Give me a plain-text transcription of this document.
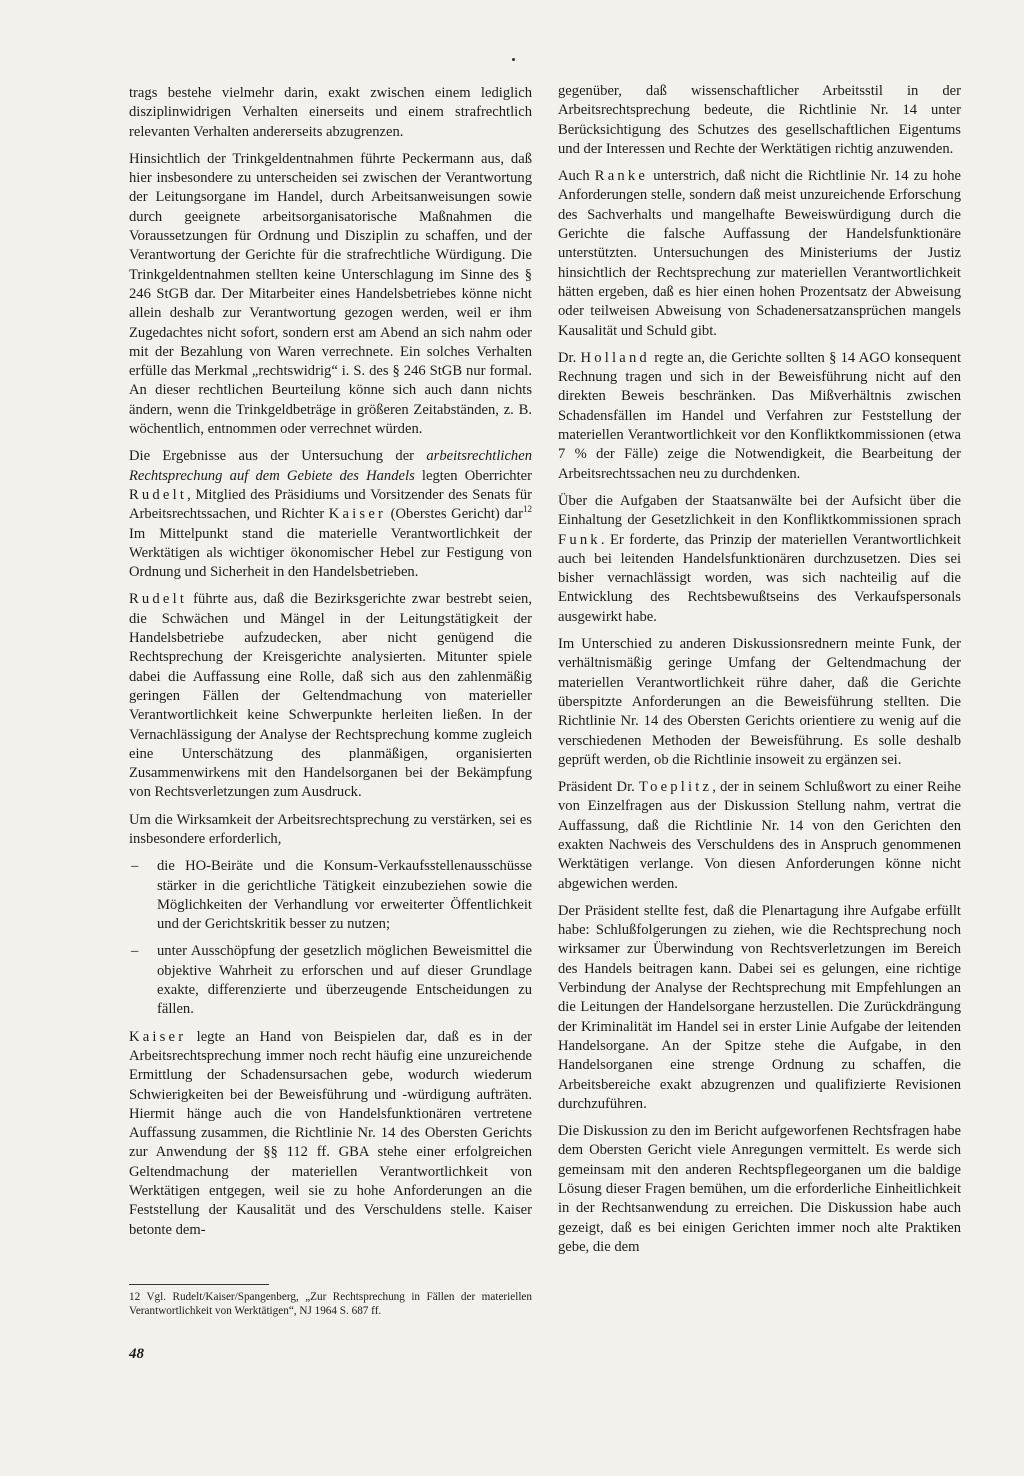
trags bestehe vielmehr darin, exakt zwischen einem lediglich disziplinwidrigen Verhalten einerseits und einem strafrechtlich relevanten Verhalten andererseits abzugrenzen.

Hinsichtlich der Trinkgeldentnahmen führte Peckermann aus, daß hier insbesondere zu unterscheiden sei zwischen der Verantwortung der Leitungsorgane im Handel, durch Arbeitsanweisungen sowie durch geeignete arbeitsorganisatorische Maßnahmen die Voraussetzungen für Ordnung und Disziplin zu schaffen, und der Verantwortung der Gerichte für die strafrechtliche Würdigung. Die Trinkgeldentnahmen stellten keine Unterschlagung im Sinne des § 246 StGB dar. Der Mitarbeiter eines Handelsbetriebes könne nicht allein deshalb zur Verantwortung gezogen werden, weil er ihm Zugedachtes nicht sofort, sondern erst am Abend an sich nahm oder mit der Bezahlung von Waren verrechnete. Ein solches Verhalten erfülle das Merkmal „rechtswidrig“ i. S. des § 246 StGB nur formal. An dieser rechtlichen Beurteilung könne sich auch dann nichts ändern, wenn die Trinkgeldbeträge in größeren Zeitabständen, z. B. wöchentlich, entnommen oder verrechnet würden.

Die Ergebnisse aus der Untersuchung der arbeitsrechtlichen Rechtsprechung auf dem Gebiete des Handels legten Oberrichter Rudelt, Mitglied des Präsidiums und Vorsitzender des Senats für Arbeitsrechtssachen, und Richter Kaiser (Oberstes Gericht) dar$^{12}$ Im Mittelpunkt stand die materielle Verantwortlichkeit der Werktätigen als wichtiger ökonomischer Hebel zur Festigung von Ordnung und Sicherheit in den Handelsbetrieben.

Rudelt führte aus, daß die Bezirksgerichte zwar bestrebt seien, die Schwächen und Mängel in der Leitungstätigkeit der Handelsbetriebe aufzudecken, aber nicht genügend die Rechtsprechung der Kreisgerichte analysierten. Mitunter spiele dabei die Auffassung eine Rolle, daß sich aus den zahlenmäßig geringen Fällen der Geltendmachung von materieller Verantwortlichkeit keine Schwerpunkte herleiten ließen. In der Vernachlässigung der Analyse der Rechtsprechung komme zugleich eine Unterschätzung des planmäßigen, organisierten Zusammenwirkens mit den Handelsorganen bei der Bekämpfung von Rechtsverletzungen zum Ausdruck.

Um die Wirksamkeit der Arbeitsrechtsprechung zu verstärken, sei es insbesondere erforderlich,

– die HO-Beiräte und die Konsum-Verkaufsstellenausschüsse stärker in die gerichtliche Tätigkeit einzubeziehen sowie die Möglichkeiten der Verhandlung vor erweiterter Öffentlichkeit und der Gerichtskritik besser zu nutzen;
– unter Ausschöpfung der gesetzlich möglichen Beweismittel die objektive Wahrheit zu erforschen und auf dieser Grundlage exakte, differenzierte und überzeugende Entscheidungen zu fällen.

Kaiser legte an Hand von Beispielen dar, daß es in der Arbeitsrechtsprechung immer noch recht häufig eine unzureichende Ermittlung der Schadensursachen gebe, wodurch wiederum Schwierigkeiten bei der Beweisführung und -würdigung aufträten. Hiermit hänge auch die von Handelsfunktionären vertretene Auffassung zusammen, die Richtlinie Nr. 14 des Obersten Gerichts zur Anwendung der §§ 112 ff. GBA stehe einer erfolgreichen Geltendmachung der materiellen Verantwortlichkeit von Werktätigen entgegen, weil sie zu hohe Anforderungen an die Feststellung der Kausalität und des Verschuldens stelle. Kaiser betonte dem-

12 Vgl. Rudelt/Kaiser/Spangenberg, „Zur Rechtsprechung in Fällen der materiellen Verantwortlichkeit von Werktätigen“, NJ 1964 S. 687 ff.
48

gegenüber, daß wissenschaftlicher Arbeitsstil in der Arbeitsrechtsprechung bedeute, die Richtlinie Nr. 14 unter Berücksichtigung des Schutzes des gesellschaftlichen Eigentums und der Interessen und Rechte der Werktätigen richtig anzuwenden.

Auch Ranke unterstrich, daß nicht die Richtlinie Nr. 14 zu hohe Anforderungen stelle, sondern daß meist unzureichende Erforschung des Sachverhalts und mangelhafte Beweiswürdigung durch die Gerichte die falsche Auffassung der Handelsfunktionäre unterstützten. Untersuchungen des Ministeriums der Justiz hinsichtlich der Rechtsprechung zur materiellen Verantwortlichkeit hätten ergeben, daß es hier einen hohen Prozentsatz der Abweisung oder teilweisen Abweisung von Schadenersatzansprüchen mangels Kausalität und Schuld gibt.

Dr. Holland regte an, die Gerichte sollten § 14 AGO konsequent Rechnung tragen und sich in der Beweisführung nicht auf den direkten Beweis beschränken. Das Mißverhältnis zwischen Schadensfällen im Handel und Verfahren zur Feststellung der materiellen Verantwortlichkeit vor den Konfliktkommissionen (etwa 7 % der Fälle) zeige die Notwendigkeit, die Bearbeitung der Arbeitsrechtssachen neu zu durchdenken.

Über die Aufgaben der Staatsanwälte bei der Aufsicht über die Einhaltung der Gesetzlichkeit in den Konfliktkommissionen sprach Funk. Er forderte, das Prinzip der materiellen Verantwortlichkeit auch bei leitenden Handelsfunktionären durchzusetzen. Dies sei bisher vernachlässigt worden, was sich nachteilig auf die Entwicklung des Rechtsbewußtseins des Verkaufspersonals ausgewirkt habe.

Im Unterschied zu anderen Diskussionsrednern meinte Funk, der verhältnismäßig geringe Umfang der Geltendmachung der materiellen Verantwortlichkeit rühre daher, daß die Gerichte überspitzte Anforderungen an die Beweisführung stellten. Die Richtlinie Nr. 14 des Obersten Gerichts orientiere zu wenig auf die verschiedenen Methoden der Beweisführung. Es solle deshalb geprüft werden, ob die Richtlinie insoweit zu ergänzen sei.

Präsident Dr. Toeplitz, der in seinem Schlußwort zu einer Reihe von Einzelfragen aus der Diskussion Stellung nahm, vertrat die Auffassung, daß die Richtlinie Nr. 14 von den Gerichten den exakten Nachweis des Verschuldens des in Anspruch genommenen Werktätigen verlange. Von diesen Anforderungen könne nicht abgewichen werden.

Der Präsident stellte fest, daß die Plenartagung ihre Aufgabe erfüllt habe: Schlußfolgerungen zu ziehen, wie die Rechtsprechung noch wirksamer zur Überwindung von Rechtsverletzungen im Bereich des Handels beitragen kann. Dabei sei es gelungen, eine richtige Verbindung der Analyse der Rechtsprechung mit Empfehlungen an die Leitungen der Handelsorgane herzustellen. Die Zurückdrängung der Kriminalität im Handel sei in erster Linie Aufgabe der leitenden Handelsorgane. An der Spitze stehe die Aufgabe, in den Handelsorganen eine strenge Ordnung zu schaffen, die Arbeitsbereiche exakt abzugrenzen und qualifizierte Revisionen durchzuführen.

Die Diskussion zu den im Bericht aufgeworfenen Rechtsfragen habe dem Obersten Gericht viele Anregungen vermittelt. Es werde sich gemeinsam mit den anderen Rechtspflegeorganen um die baldige Lösung dieser Fragen bemühen, um die erforderliche Einheitlichkeit in der Rechtsanwendung zu erreichen. Die Diskussion habe auch gezeigt, daß es bei einigen Gerichten immer noch alte Praktiken gebe, die dem
